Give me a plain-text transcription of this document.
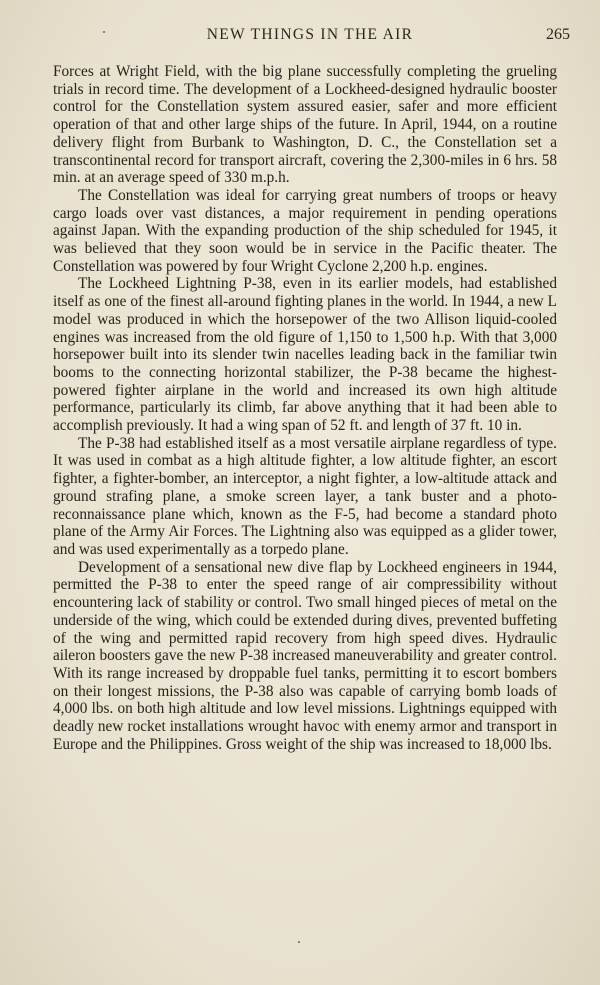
NEW THINGS IN THE AIR	265

Forces at Wright Field, with the big plane successfully completing the grueling trials in record time. The development of a Lockheed-designed hydraulic booster control for the Constellation system assured easier, safer and more efficient operation of that and other large ships of the future. In April, 1944, on a routine delivery flight from Burbank to Washington, D. C., the Constellation set a transcontinental record for transport aircraft, covering the 2,300-miles in 6 hrs. 58 min. at an average speed of 330 m.p.h.

The Constellation was ideal for carrying great numbers of troops or heavy cargo loads over vast distances, a major requirement in pending operations against Japan. With the expanding production of the ship scheduled for 1945, it was believed that they soon would be in service in the Pacific theater. The Constellation was powered by four Wright Cyclone 2,200 h.p. engines.

The Lockheed Lightning P-38, even in its earlier models, had established itself as one of the finest all-around fighting planes in the world. In 1944, a new L model was produced in which the horsepower of the two Allison liquid-cooled engines was increased from the old figure of 1,150 to 1,500 h.p. With that 3,000 horsepower built into its slender twin nacelles leading back in the familiar twin booms to the connecting horizontal stabilizer, the P-38 became the highest-powered fighter airplane in the world and increased its own high altitude performance, particularly its climb, far above anything that it had been able to accomplish previously. It had a wing span of 52 ft. and length of 37 ft. 10 in.

The P-38 had established itself as a most versatile airplane regardless of type. It was used in combat as a high altitude fighter, a low altitude fighter, an escort fighter, a fighter-bomber, an interceptor, a night fighter, a low-altitude attack and ground strafing plane, a smoke screen layer, a tank buster and a photo-reconnaissance plane which, known as the F-5, had become a standard photo plane of the Army Air Forces. The Lightning also was equipped as a glider tower, and was used experimentally as a torpedo plane.

Development of a sensational new dive flap by Lockheed engineers in 1944, permitted the P-38 to enter the speed range of air compressibility without encountering lack of stability or control. Two small hinged pieces of metal on the underside of the wing, which could be extended during dives, prevented buffeting of the wing and permitted rapid recovery from high speed dives. Hydraulic aileron boosters gave the new P-38 increased maneuverability and greater control. With its range increased by droppable fuel tanks, permitting it to escort bombers on their longest missions, the P-38 also was capable of carrying bomb loads of 4,000 lbs. on both high altitude and low level missions. Lightnings equipped with deadly new rocket installations wrought havoc with enemy armor and transport in Europe and the Philippines. Gross weight of the ship was increased to 18,000 lbs.
